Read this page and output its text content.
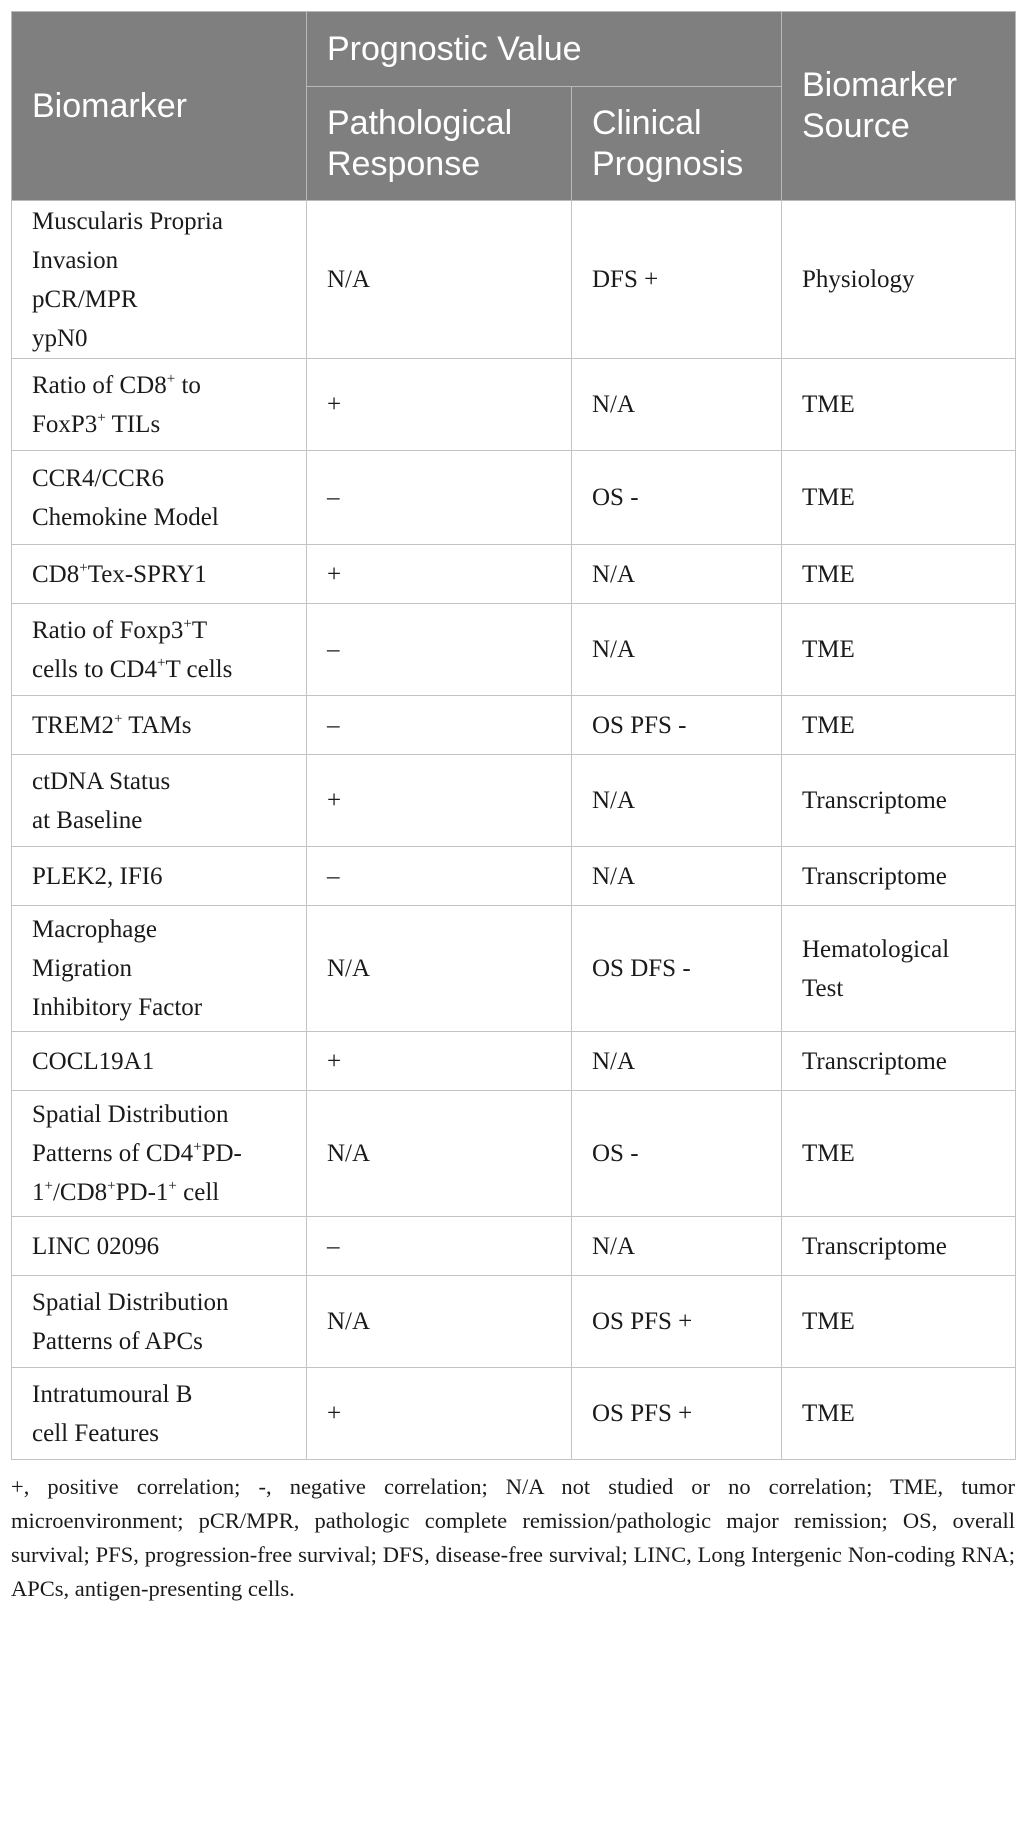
Biomarker	Prognostic Value		Biomarker Source
	Pathological Response	Clinical Prognosis	

Muscularis Propria
Invasion
pCR/MPR
ypN0	N/A	DFS +	Physiology

Ratio of CD8+ to
FoxP3+ TILs	+	N/A	TME

CCR4/CCR6
Chemokine Model	–	OS -	TME

CD8+Tex-SPRY1	+	N/A	TME

Ratio of Foxp3+T
cells to CD4+T cells	–	N/A	TME

TREM2+ TAMs	–	OS PFS -	TME

ctDNA Status
at Baseline	+	N/A	Transcriptome

PLEK2, IFI6	–	N/A	Transcriptome

Macrophage
Migration
Inhibitory Factor	N/A	OS DFS -	Hematological
Test

COCL19A1	+	N/A	Transcriptome

Spatial Distribution
Patterns of CD4+PD-
1+/CD8+PD-1+ cell	N/A	OS -	TME

LINC 02096	–	N/A	Transcriptome

Spatial Distribution
Patterns of APCs	N/A	OS PFS +	TME

Intratumoural B
cell Features	+	OS PFS +	TME

+, positive correlation; -, negative correlation; N/A not studied or no correlation; TME, tumor microenvironment; pCR/MPR, pathologic complete remission/pathologic major remission; OS, overall survival; PFS, progression-free survival; DFS, disease-free survival; LINC, Long Intergenic Non-coding RNA; APCs, antigen-presenting cells.
